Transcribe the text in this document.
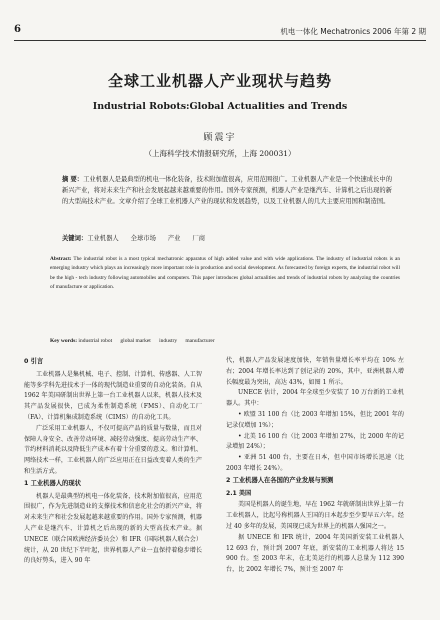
6	机电一体化 Mechatronics 2006 年第 2 期
全球工业机器人产业现状与趋势
Industrial Robots:Global Actualities and Trends
顾震宇
（上海科学技术情报研究所，上海 200031）
摘 要：工业机器人是最典型的机电一体化装备，技术附加值很高，应用范围很广。工业机器人产业是一个快速成长中的新兴产业，将对未来生产和社会发展起越来越重要的作用。国外专家预测，机器人产业是继汽车、计算机之后出现的新的大型高技术产业。文章介绍了全球工业机器人产业的现状和发展趋势，以及工业机器人的几大主要应用国和制造国。
关键词：工业机器人      全球市场      产业      厂商
Abstract: The industrial robot is a most typical mechatronic apparatus of high added value and with wide applications. The industry of industrial robots is an emerging industry which plays an increasingly more important role in production and social development. As forecasted by foreign experts, the industrial robot will be the high - tech industry following automobiles and computers. This paper introduces global actualities and trends of industrial robots by analyzing the countries of manufacture or application.
Key words: industrial robot      global market      industry      manufacturer
0 引言

工业机器人是集机械、电子、控制、计算机、传感器、人工智能等多学科先进技术于一体的现代制造业重要的自动化装备。自从 1962 年美国研制出世界上第一台工业机器人以来，机器人技术及其产品发展很快，已成为柔性制造系统（FMS）、自动化工厂（FA）、计算机集成制造系统（CIMS）的自动化工具。

广泛采用工业机器人，不仅可提高产品的质量与数量，而且对保障人身安全、改善劳动环境、减轻劳动强度、提高劳动生产率、节约材料消耗以及降低生产成本有着十分重要的意义。和计算机、网络技术一样，工业机器人的广泛应用正在日益改变着人类的生产和生活方式。

1 工业机器人的现状

机器人是最典型的机电一体化装备，技术附加值很高，应用范围很广，作为先进制造业的支撑技术和信息化社会的新兴产业，将对未来生产和社会发展起越来越重要的作用。国外专家预测，机器人产业是继汽车、计算机之后出现的新的大型高技术产业。据 UNECE（联合国欧洲经济委员会）和 IFR（国际机器人联合会）统计，从 20 世纪下半叶起，世界机器人产业一直保持着稳步增长的良好势头，进入 90 年

代，机器人产品发展速度加快，年销售量增长率平均在 10% 左右；2004 年增长率达到了创记录的 20%，其中，亚洲机器人增长幅度最为突出，高达 43%，如图 1 所示。

UNECE 估计，2004 年全球至少安装了 10 万台新的工业机器人。其中：

• 欧盟 31 100 台（比 2003 年增加 15%，但比 2001 年的记录仅增加 1%）；

• 北美 16 100 台（比 2003 年增加 27%，比 2000 年的记录增加 24%）；

• 亚洲 51 400 台，主要在日本，但中国市场增长迅速（比 2003 年增长 24%）。

2 工业机器人在各国的产业发展与预测
2.1 美国

美国是机器人的诞生地，早在 1962 年就研制出世界上第一台工业机器人，比起号称机器人王国的日本起步至少要早五六年。经过 40 多年的发展，美国现已成为世界上的机器人强国之一。

据 UNECE 和 IFR 统计，2004 年美国新安装工业机器人 12 693 台，预计到 2007 年底，新安装的工业机器人将达 15 900 台。至 2003 年末，在北美运行的机器人总量为 112 390 台，比 2002 年增长 7%，预计至 2007 年
